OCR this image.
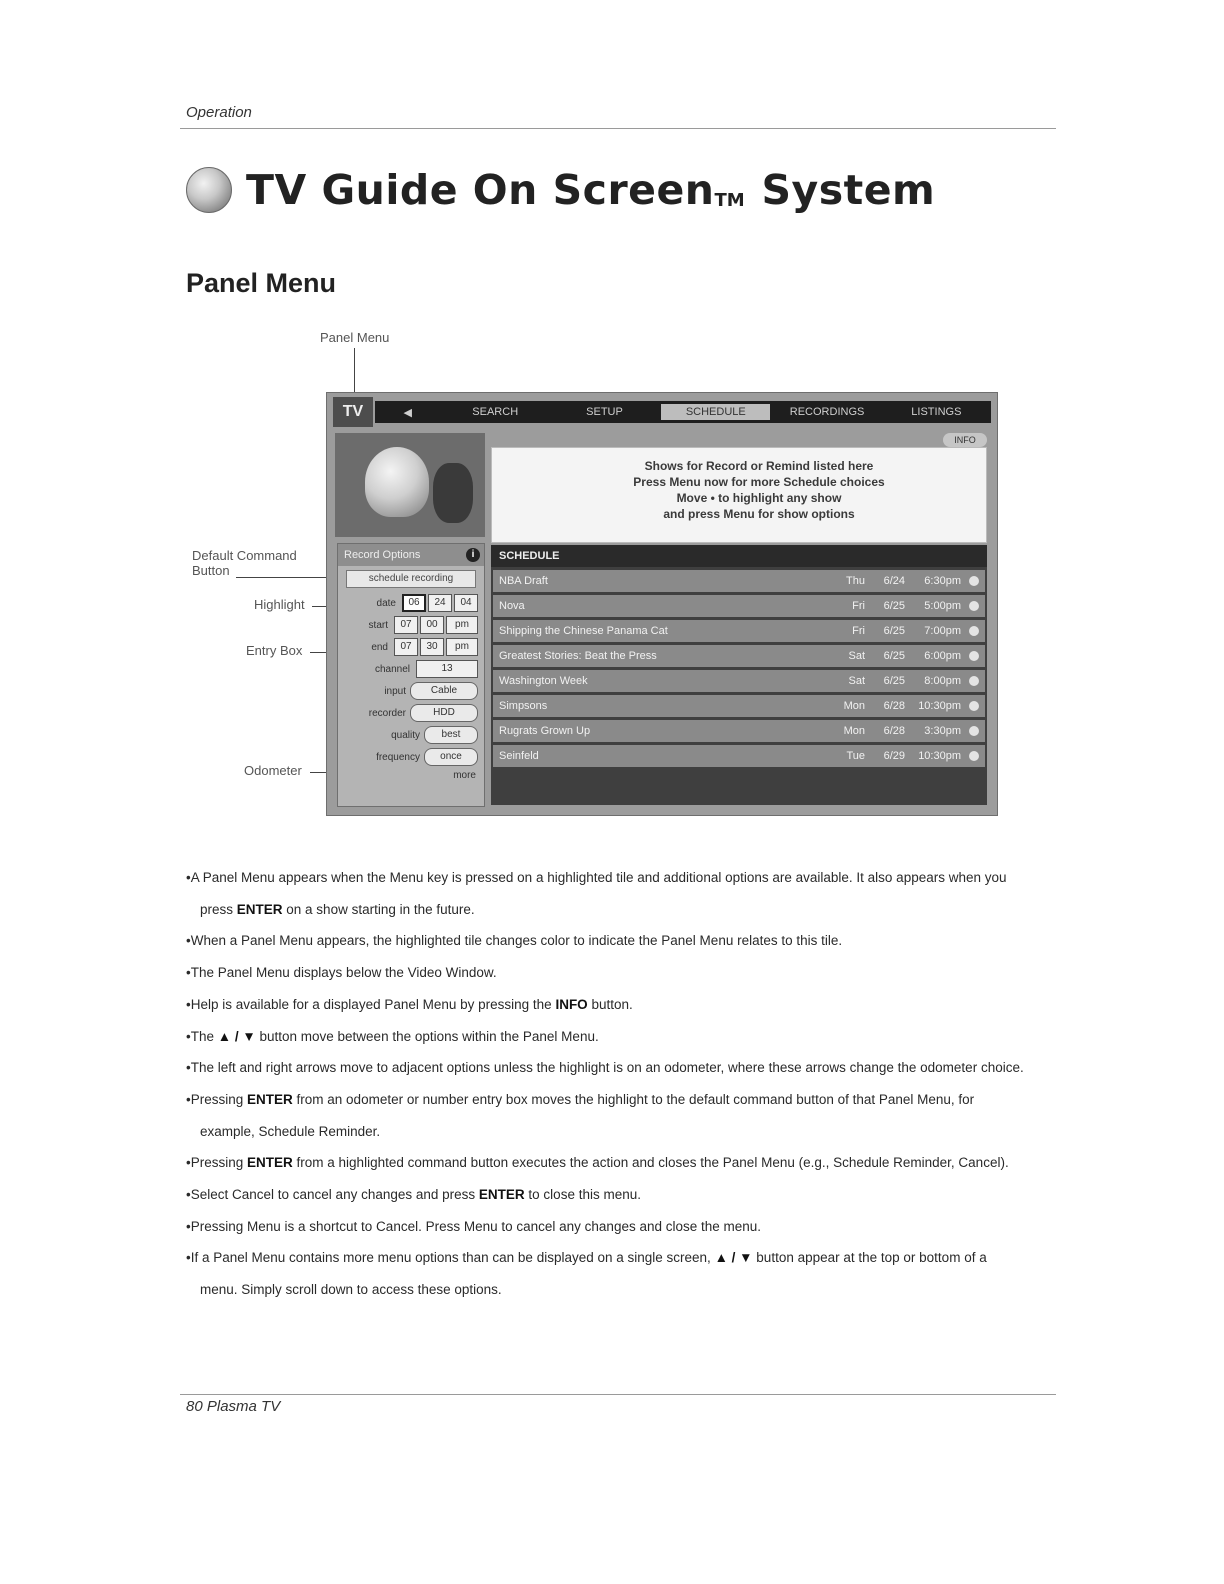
Operation
TV Guide On ScreenTM System
Panel Menu
Panel Menu
Default Command
Button
Highlight
Entry Box
Odometer
TV	◀	SEARCH	SETUP	SCHEDULE	RECORDINGS	LISTINGS
INFO
Shows for Record or Remind listed here
Press Menu now for more Schedule choices
Move • to highlight any show
and press Menu for show options
Record Options	i
schedule recording
date	06	24	04
start	07	00	pm
end	07	30	pm
channel	13
input	Cable
recorder	HDD
quality	best
frequency	once
more
SCHEDULE
NBA Draft	Thu	6/24	6:30pm
Nova	Fri	6/25	5:00pm
Shipping the Chinese Panama Cat	Fri	6/25	7:00pm
Greatest Stories: Beat the Press	Sat	6/25	6:00pm
Washington Week	Sat	6/25	8:00pm
Simpsons	Mon	6/28	10:30pm
Rugrats Grown Up	Mon	6/28	3:30pm
Seinfeld	Tue	6/29	10:30pm
•A Panel Menu appears when the Menu key is pressed on a highlighted tile and additional options are available. It also appears when you press ENTER on a show starting in the future.
•When a Panel Menu appears, the highlighted tile changes color to indicate the Panel Menu relates to this tile.
•The Panel Menu displays below the Video Window.
•Help is available for a displayed Panel Menu by pressing the INFO button.
•The ▲ / ▼ button move between the options within the Panel Menu.
•The left and right arrows move to adjacent options unless the highlight is on an odometer, where these arrows change the odometer choice.
•Pressing ENTER from an odometer or number entry box moves the highlight to the default command button of that Panel Menu, for example, Schedule Reminder.
•Pressing ENTER from a highlighted command button executes the action and closes the Panel Menu (e.g., Schedule Reminder, Cancel).
•Select Cancel to cancel any changes and press ENTER to close this menu.
•Pressing Menu is a shortcut to Cancel. Press Menu to cancel any changes and close the menu.
•If a Panel Menu contains more menu options than can be displayed on a single screen, ▲ / ▼ button appear at the top or bottom of a menu. Simply scroll down to access these options.
80 Plasma TV
